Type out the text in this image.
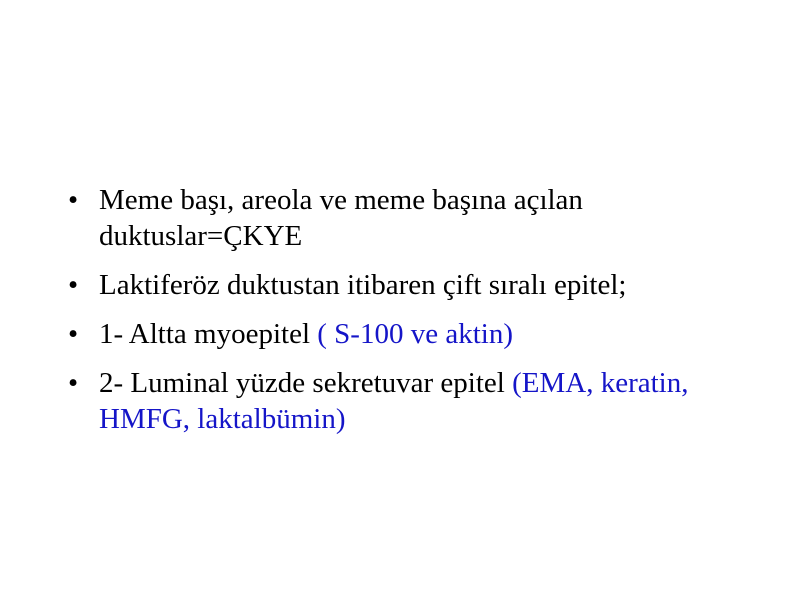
• Meme başı, areola ve meme başına açılan duktuslar=ÇKYE
• Laktiferöz duktustan itibaren çift sıralı epitel;
• 1- Altta myoepitel ( S-100 ve aktin)
• 2- Luminal yüzde sekretuvar epitel (EMA, keratin, HMFG, laktalbümin)
